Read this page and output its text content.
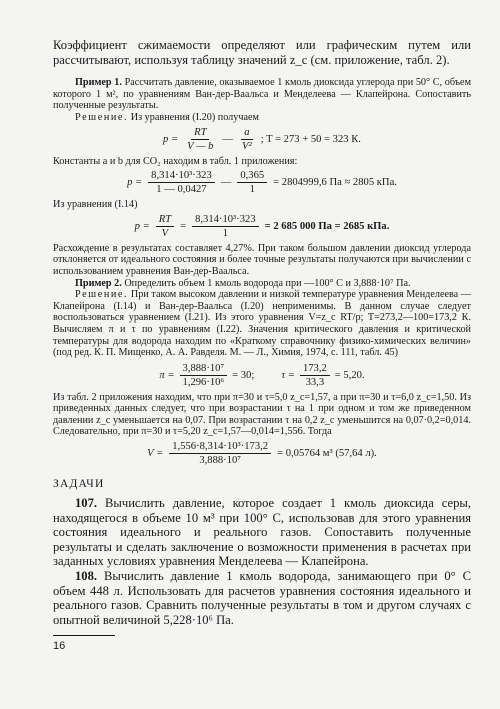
Коэффициент сжимаемости определяют или графическим путем или рассчитывают, используя таблицу значений z_c (см. приложение, табл. 2).

Пример 1. Рассчитать давление, оказываемое 1 кмоль диоксида углерода при 50° С, объем которого 1 м², по уравнениям Ван-дер-Ваальса и Менделеева — Клапейрона. Сопоставить полученные результаты.

Решение. Из уравнения (I.20) получаем

$p = \frac{RT}{V — b}$ — $\frac{a}{\text{V²}}$ ; T = 273 + 50 = 323 К.

Константы a и b для CO₂ находим в табл. 1 приложения:

$p = \frac{\text{8,314·10³·323}}{1 — 0,0427}$ — $\frac{0,365}{1} = 2804999,6$ Па ≈ 2805 кПа.

Из уравнения (I.14)

$p = \frac{RT}{V} = \frac{\text{8,314·10³·323}}{1} = 2$ 685 000 Па = 2685 кПа.

Расхождение в результатах составляет 4,27%. При таком большом давлении диоксид углерода отклоняется от идеального состояния и более точные результаты получаются при вычислении с использованием уравнения Ван-дер-Ваальса.

Пример 2. Определить объем 1 кмоль водорода при —100° С и 3,888·10⁷ Па.

Решение. При таком высоком давлении и низкой температуре уравнения Менделеева — Клапейрона (I.14) и Ван-дер-Ваальса (I.20) неприменимы. В данном случае следует воспользоваться уравнением (I.21). Из этого уравнения V=z_c RT/p; T=273,2—100=173,2 К. Вычисляем π и τ по уравнениям (I.22). Значения критического давления и критической температуры для водорода находим по «Краткому справочнику физико-химических величин» (под ред. К. П. Мищенко, А. А. Равделя. М. — Л., Химия, 1974, с. 111, табл. 45)

$\pi = \frac{\text{3,888·10⁷}}{\text{1,296·10⁶}} = 30$;	$\tau = \frac{173,2}{33,3} = 5,20$.

Из табл. 2 приложения находим, что при π=30 и τ=5,0 z_c=1,57, а при π=30 и τ=6,0 z_c=1,50. Из приведенных данных следует, что при возрастании τ на 1 при одном и том же приведенном давлении z_c уменьшается на 0,07. При возрастании τ на 0,2 z_c уменьшится на 0,07·0,2=0,014. Следовательно, при π=30 и τ=5,20 z_c=1,57—0,014=1,556. Тогда

$V = \frac{\text{1,556·8,314·10³·173,2}}{\text{3,888·10⁷}} = 0,05764$ м³ (57,64 л).
ЗАДАЧИ

107. Вычислить давление, которое создает 1 кмоль диоксида серы, находящегося в объеме 10 м³ при 100° С, использовав для этого уравнения состояния идеального и реального газов. Сопоставить полученные результаты и сделать заключение о возможности применения в расчетах при заданных условиях уравнения Менделеева — Клапейрона.

108. Вычислить давление 1 кмоль водорода, занимающего при 0° С объем 448 л. Использовать для расчетов уравнения состояния идеального и реального газов. Сравнить полученные результаты в том и другом случаях с опытной величиной 5,228·10⁶ Па.

16
